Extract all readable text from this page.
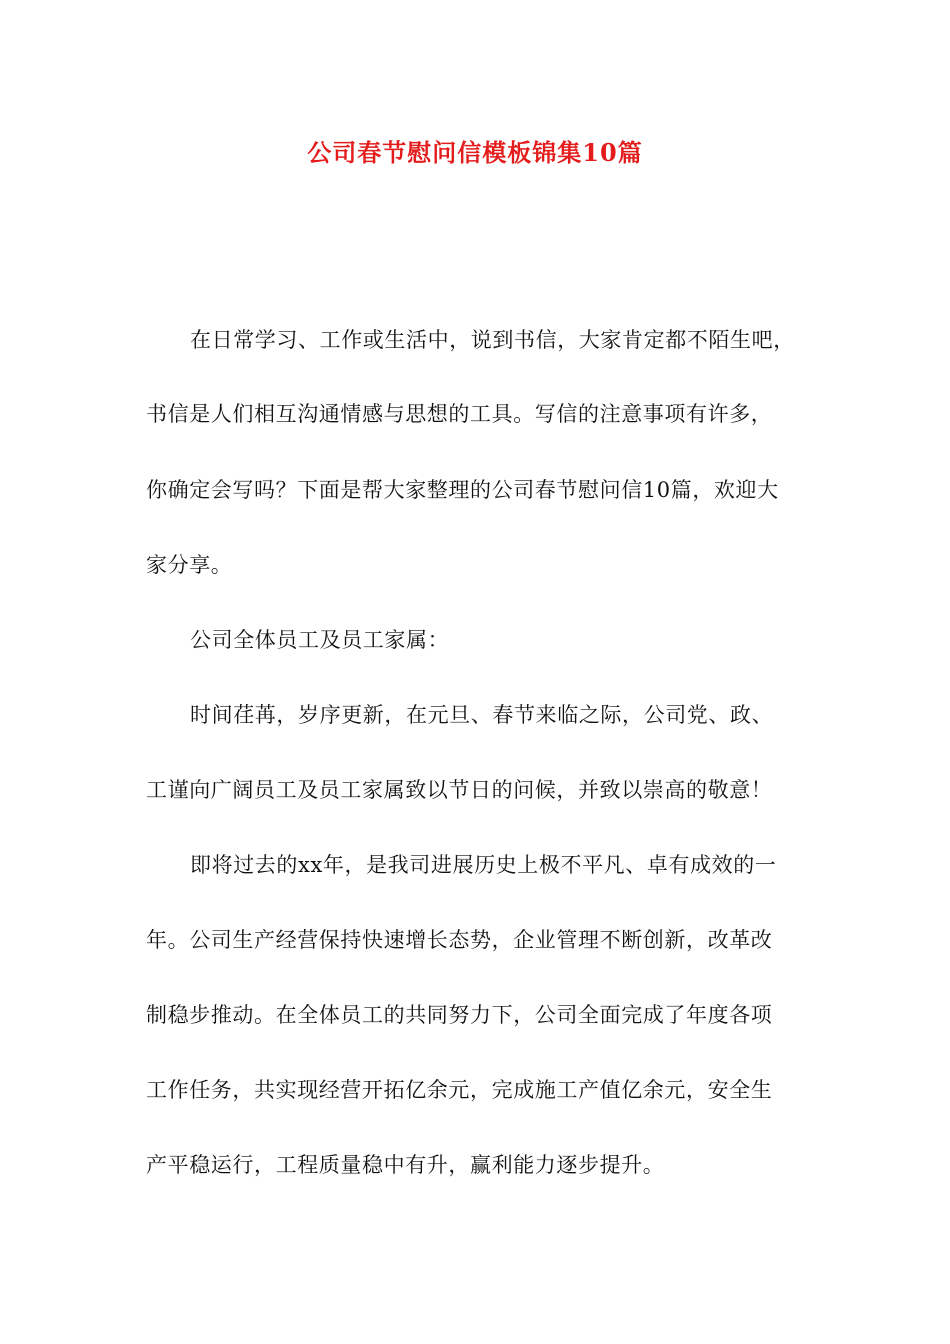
公司春节慰问信模板锦集10篇

在日常学习、工作或生活中，说到书信，大家肯定都不陌生吧，

书信是人们相互沟通情感与思想的工具。写信的注意事项有许多，

你确定会写吗？下面是帮大家整理的公司春节慰问信10篇，欢迎大

家分享。

公司全体员工及员工家属：

时间荏苒，岁序更新，在元旦、春节来临之际，公司党、政、

工谨向广阔员工及员工家属致以节日的问候，并致以崇高的敬意！

即将过去的xx年，是我司进展历史上极不平凡、卓有成效的一

年。公司生产经营保持快速增长态势，企业管理不断创新，改革改

制稳步推动。在全体员工的共同努力下，公司全面完成了年度各项

工作任务，共实现经营开拓亿余元，完成施工产值亿余元，安全生

产平稳运行，工程质量稳中有升，赢利能力逐步提升。
